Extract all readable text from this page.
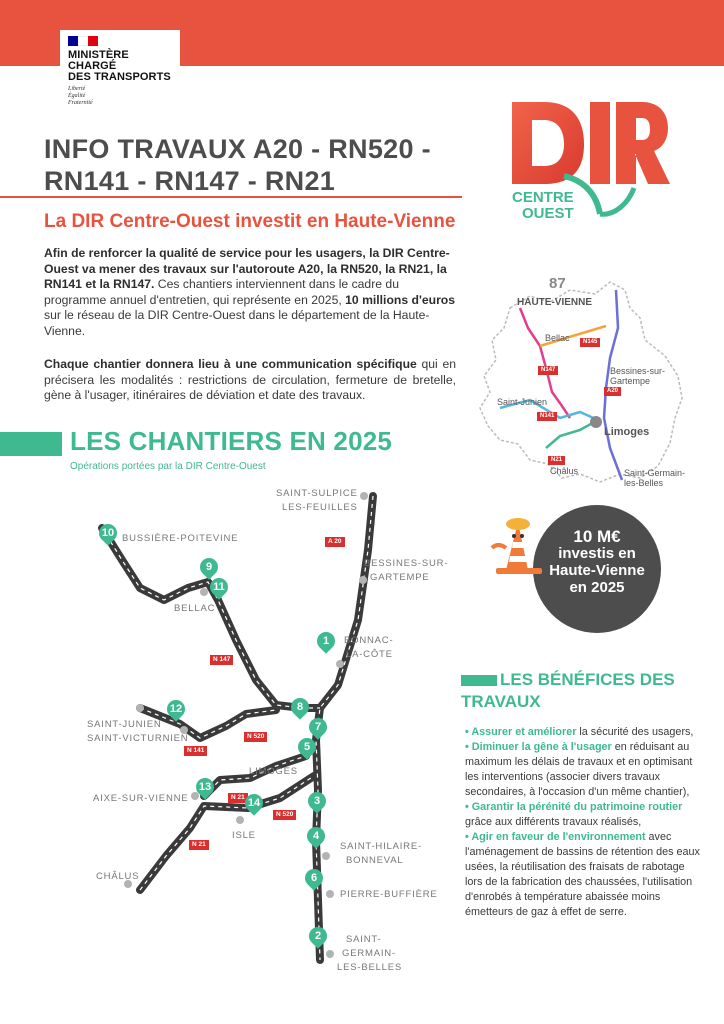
MINISTÈRE
CHARGÉ
DES TRANSPORTS
Liberté
Égalité
Fraternité
CENTRE
OUEST
INFO TRAVAUX A20 - RN520 -
RN141 - RN147 - RN21
La DIR Centre-Ouest investit en Haute-Vienne
Afin de renforcer la qualité de service pour les usagers, la DIR Centre-Ouest va mener des travaux sur l'autoroute A20, la RN520, la RN21, la RN141 et la RN147. Ces chantiers interviennent dans le cadre du programme annuel d'entretien, qui représente en 2025, 10 millions d'euros sur le réseau de la DIR Centre-Ouest dans le département de la Haute-Vienne.
Chaque chantier donnera lieu à une communication spécifique qui en précisera les modalités : restrictions de circulation, fermeture de bretelle, gène à l'usager, itinéraires de déviation et date des travaux.
87
HAUTE-VIENNE
Bellac
Bessines-sur-Gartempe
Saint-Junien
Limoges
Châlus	Saint-Germain-les-Belles
N145
N147
A20
N141
N21
10 M€
investis en
Haute-Vienne
en 2025
LES CHANTIERS EN 2025
Opérations portées par la DIR Centre-Ouest
SAINT-SULPICE
LES-FEUILLES
BUSSIÈRE-POITEVINE
BESSINES-SUR-
GARTEMPE
BELLAC
BONNAC-
LA-CÔTE
SAINT-JUNIEN
SAINT-VICTURNIEN
LIMOGES
AIXE-SUR-VIENNE
ISLE
SAINT-HILAIRE-
BONNEVAL
CHÂLUS
PIERRE-BUFFIÈRE
SAINT-
GERMAIN-
LES-BELLES
A 20
N 147
N 520
N 141
N 21
N 520
N 21
10
9
11
1
8
7
12
5
3
13
14
4
6
2
LES BÉNÉFICES DES
TRAVAUX
• Assurer et améliorer la sécurité des usagers,
• Diminuer la gêne à l'usager en réduisant au maximum les délais de travaux et en optimisant les interventions (associer divers travaux secondaires, à l'occasion d'un même chantier),
• Garantir la pérénité du patrimoine routier grâce aux différents travaux réalisés,
• Agir en faveur de l'environnement avec l'aménagement de bassins de rétention des eaux usées, la réutilisation des fraisats de rabotage lors de la fabrication des chaussées, l'utilisation d'enrobés à température abaissée moins émetteurs de gaz à effet de serre.
